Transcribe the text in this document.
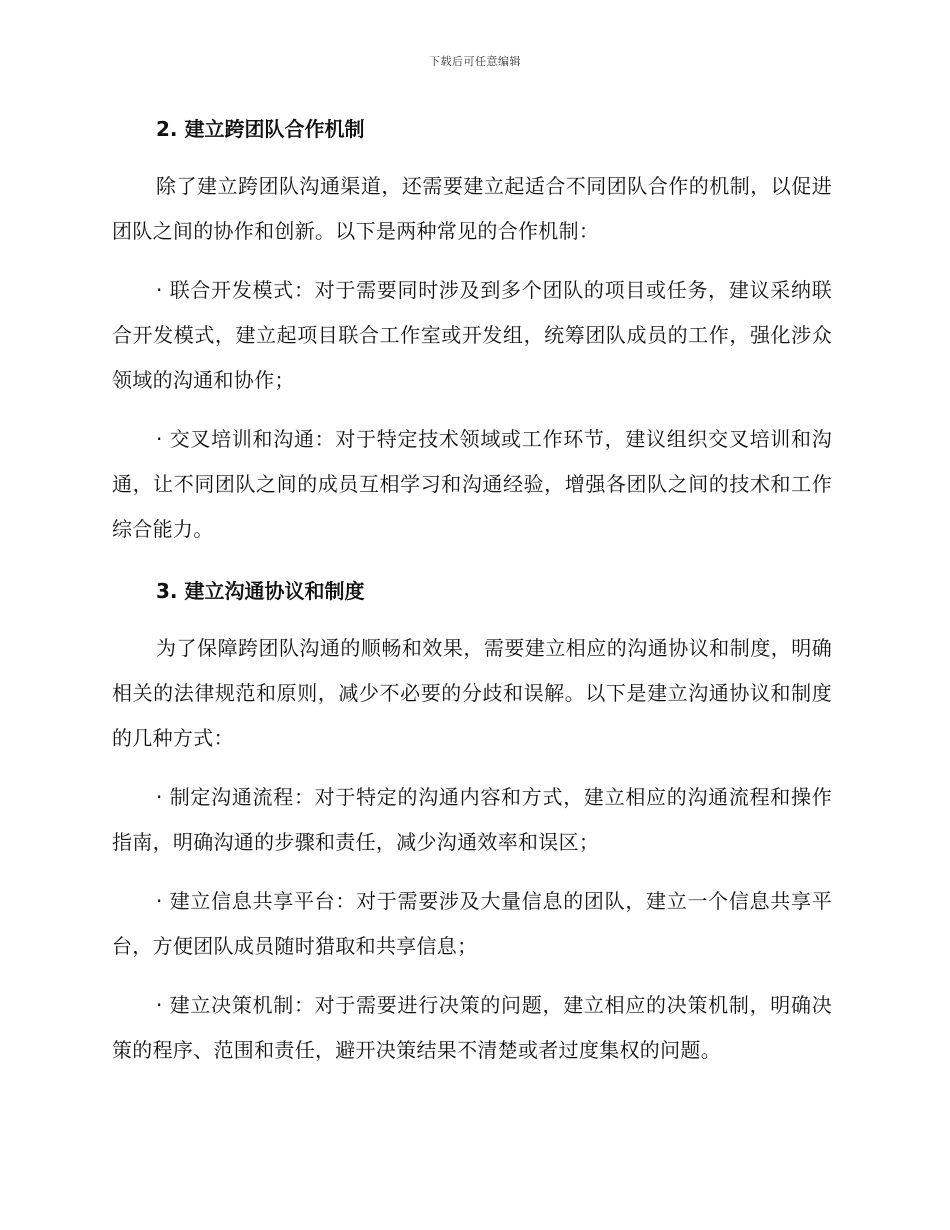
下载后可任意编辑
2. 建立跨团队合作机制

除了建立跨团队沟通渠道，还需要建立起适合不同团队合作的机制，以促进团队之间的协作和创新。以下是两种常见的合作机制：

· 联合开发模式：对于需要同时涉及到多个团队的项目或任务，建议采纳联合开发模式，建立起项目联合工作室或开发组，统筹团队成员的工作，强化涉众领域的沟通和协作；

· 交叉培训和沟通：对于特定技术领域或工作环节，建议组织交叉培训和沟通，让不同团队之间的成员互相学习和沟通经验，增强各团队之间的技术和工作综合能力。

3. 建立沟通协议和制度

为了保障跨团队沟通的顺畅和效果，需要建立相应的沟通协议和制度，明确相关的法律规范和原则，减少不必要的分歧和误解。以下是建立沟通协议和制度的几种方式：

· 制定沟通流程：对于特定的沟通内容和方式，建立相应的沟通流程和操作指南，明确沟通的步骤和责任，减少沟通效率和误区；

· 建立信息共享平台：对于需要涉及大量信息的团队，建立一个信息共享平台，方便团队成员随时猎取和共享信息；

· 建立决策机制：对于需要进行决策的问题，建立相应的决策机制，明确决策的程序、范围和责任，避开决策结果不清楚或者过度集权的问题。
